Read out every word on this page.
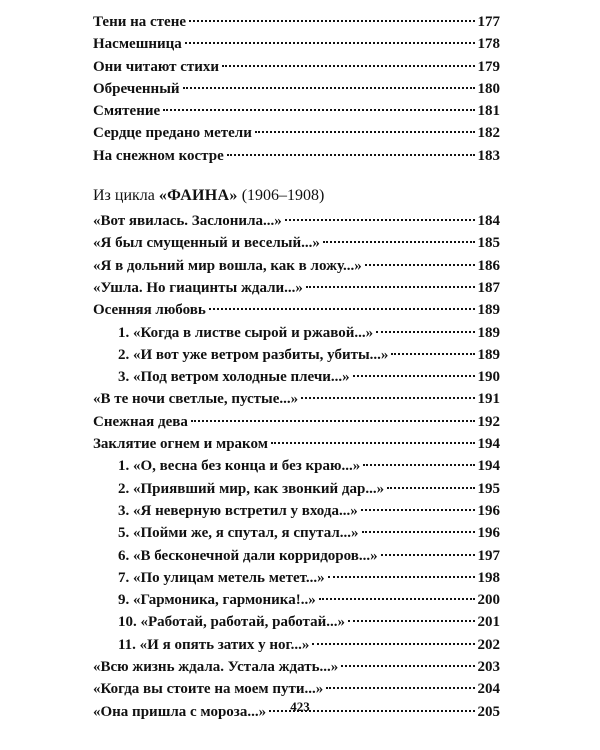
Тени на стене	177
Насмешница	178
Они читают стихи	179
Обреченный	180
Смятение	181
Сердце предано метели	182
На снежном костре	183
Из цикла «ФАИНА» (1906–1908)
«Вот явилась. Заслонила...»	184
«Я был смущенный и веселый...»	185
«Я в дольний мир вошла, как в ложу...»	186
«Ушла. Но гиацинты ждали...»	187
Осенняя любовь	189
1. «Когда в листве сырой и ржавой...»	189
2. «И вот уже ветром разбиты, убиты...»	189
3. «Под ветром холодные плечи...»	190
«В те ночи светлые, пустые...»	191
Снежная дева	192
Заклятие огнем и мраком	194
1. «О, весна без конца и без краю...»	194
2. «Приявший мир, как звонкий дар...»	195
3. «Я неверную встретил у входа...»	196
5. «Пойми же, я спутал, я спутал...»	196
6. «В бесконечной дали корридоров...»	197
7. «По улицам метель метет...»	198
9. «Гармоника, гармоника!..»	200
10. «Работай, работай, работай...»	201
11. «И я опять затих у ног...»	202
«Всю жизнь ждала. Устала ждать...»	203
«Когда вы стоите на моем пути...»	204
«Она пришла с мороза...»	205
423
